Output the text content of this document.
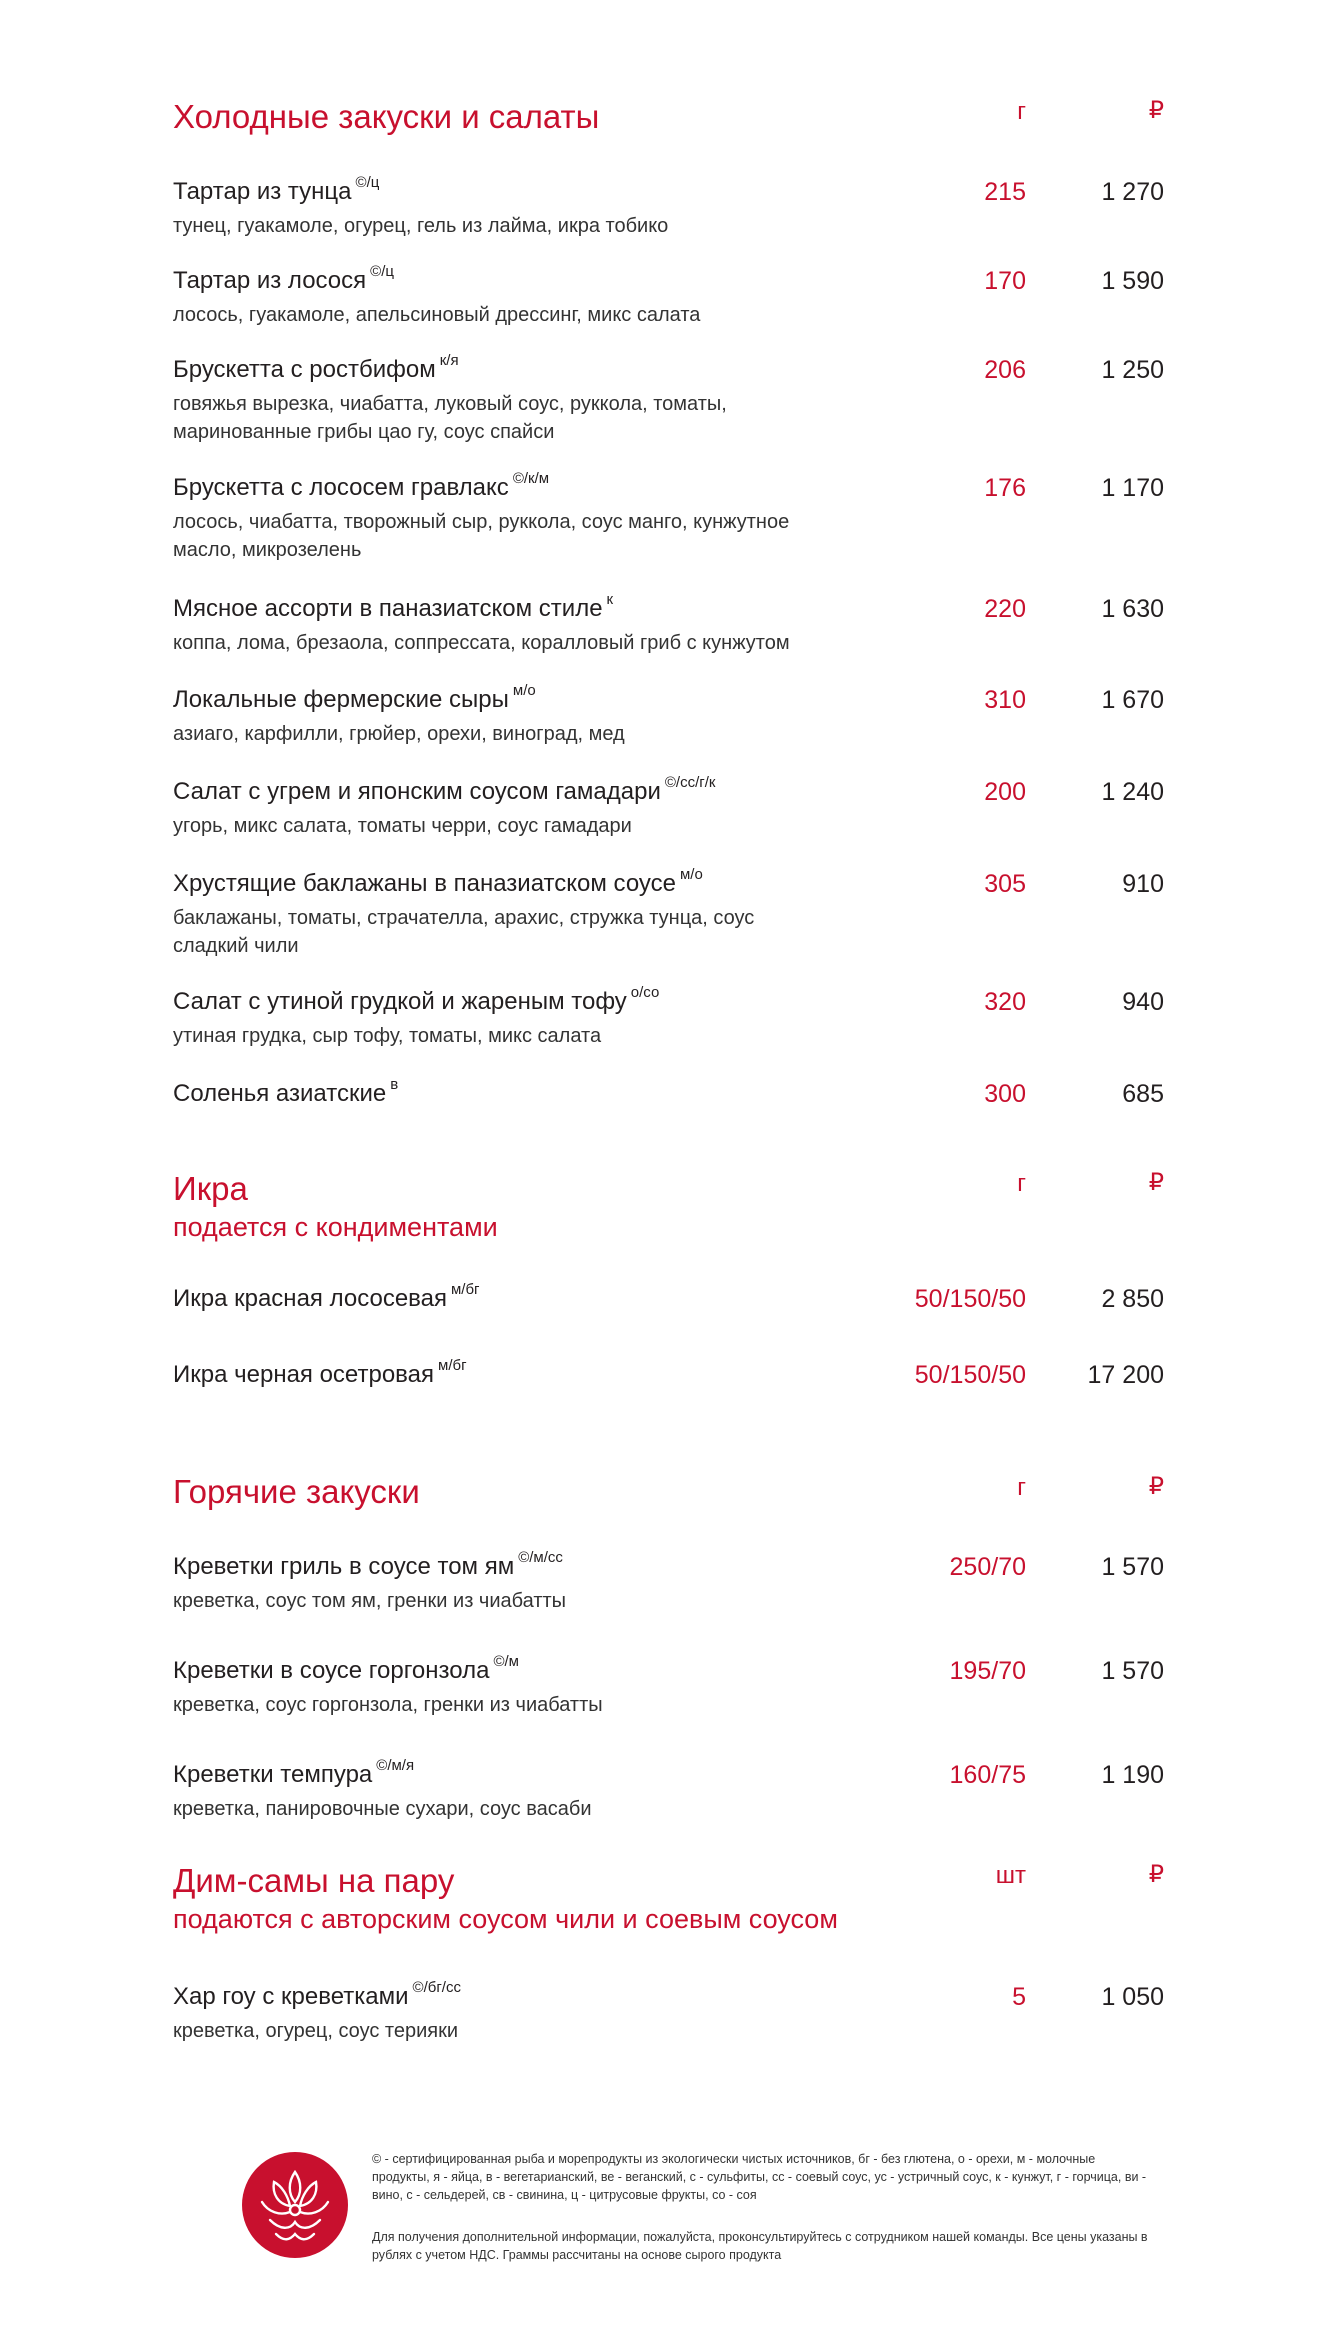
Холодные закуски и салаты	г	₽
Тартар из тунца $^{©/ц}$
тунец, гуакамоле, огурец, гель из лайма, икра тобико
215	1 270
Тартар из лосося $^{©/ц}$
лосось, гуакамоле, апельсиновый дрессинг, микс салата
170	1 590
Брускетта с ростбифом $^{к/я}$
говяжья вырезка, чиабатта, луковый соус, руккола, томаты, маринованные грибы цао гу, соус спайси
206	1 250
Брускетта с лососем гравлакс $^{©/к/м}$
лосось, чиабатта, творожный сыр, руккола, соус манго, кунжутное масло, микрозелень
176	1 170
Мясное ассорти в паназиатском стиле $^к$
коппа, лома, брезаола, соппрессата, коралловый гриб с кунжутом
220	1 630
Локальные фермерские сыры $^{м/о}$
азиаго, карфилли, грюйер, орехи, виноград, мед
310	1 670
Салат с угрем и японским соусом гамадари $^{©/сс/г/к}$
угорь, микс салата, томаты черри, соус гамадари
200	1 240
Хрустящие баклажаны в паназиатском соусе $^{м/о}$
баклажаны, томаты, страчателла, арахис, стружка тунца, соус сладкий чили
305	910
Салат с утиной грудкой и жареным тофу $^{о/со}$
утиная грудка, сыр тофу, томаты, микс салата
320	940
Соленья азиатские $^в$	300	685
Икра
подается с кондиментами
г	₽
Икра красная лососевая $^{м/бг}$	50/150/50	2 850
Икра черная осетровая $^{м/бг}$	50/150/50 17 200
Горячие закуски	г	₽
Креветки гриль в соусе том ям $^{©/м/сс}$
креветка, соус том ям, гренки из чиабатты
250/70	1 570
Креветки в соусе горгонзола $^{©/м}$
креветка, соус горгонзола, гренки из чиабатты
195/70	1 570
Креветки темпура $^{©/м/я}$
креветка, панировочные сухари, соус васаби
160/75	1 190
Дим-самы на пару
подаются с авторским соусом чили и соевым соусом
шт	₽
Хар гоу с креветками $^{©/бг/сс}$
креветка, огурец, соус терияки
5	1 050
© - сертифицированная рыба и морепродукты из экологически чистых источников, бг - без глютена, о - орехи, м - молочные продукты, я - яйца, в - вегетарианский, ве - веганский, с - сульфиты, сс - соевый соус, ус - устричный соус, к - кунжут, г - горчица, ви - вино, с - сельдерей, св - свинина, ц - цитрусовые фрукты, со - соя
Для получения дополнительной информации, пожалуйста, проконсультируйтесь с сотрудником нашей команды. Все цены указаны в рублях с учетом НДС. Граммы рассчитаны на основе сырого продукта
